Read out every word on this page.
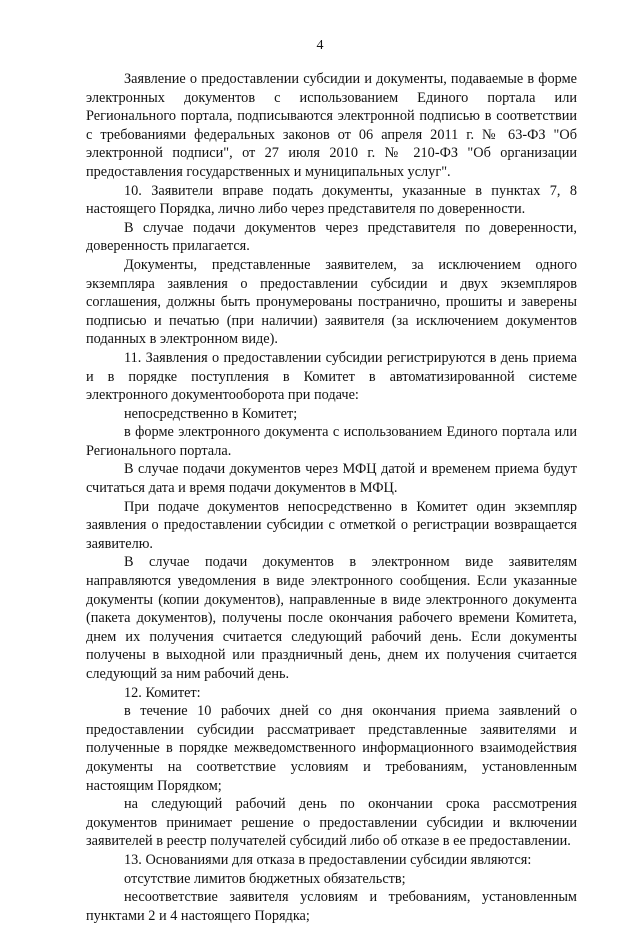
4

Заявление о предоставлении субсидии и документы, подаваемые в форме электронных документов с использованием Единого портала или Регионального портала, подписываются электронной подписью в соответствии с требованиями федеральных законов от 06 апреля 2011 г. № 63-ФЗ "Об электронной подписи", от 27 июля 2010 г. № 210-ФЗ "Об организации предоставления государственных и муниципальных услуг".

10. Заявители вправе подать документы, указанные в пунктах 7, 8 настоящего Порядка, лично либо через представителя по доверенности.

В случае подачи документов через представителя по доверенности, доверенность прилагается.

Документы, представленные заявителем, за исключением одного экземпляра заявления о предоставлении субсидии и двух экземпляров соглашения, должны быть пронумерованы постранично, прошиты и заверены подписью и печатью (при наличии) заявителя (за исключением документов поданных в электронном виде).

11. Заявления о предоставлении субсидии регистрируются в день приема и в порядке поступления в Комитет в автоматизированной системе электронного документооборота при подаче:

непосредственно в Комитет;

в форме электронного документа с использованием Единого портала или Регионального портала.

В случае подачи документов через МФЦ датой и временем приема будут считаться дата и время подачи документов в МФЦ.

При подаче документов непосредственно в Комитет один экземпляр заявления о предоставлении субсидии с отметкой о регистрации возвращается заявителю.

В случае подачи документов в электронном виде заявителям направляются уведомления в виде электронного сообщения. Если указанные документы (копии документов), направленные в виде электронного документа (пакета документов), получены после окончания рабочего времени Комитета, днем их получения считается следующий рабочий день. Если документы получены в выходной или праздничный день, днем их получения считается следующий за ним рабочий день.

12. Комитет:

в течение 10 рабочих дней со дня окончания приема заявлений о предоставлении субсидии рассматривает представленные заявителями и полученные в порядке межведомственного информационного взаимодействия документы на соответствие условиям и требованиям, установленным настоящим Порядком;

на следующий рабочий день по окончании срока рассмотрения документов принимает решение о предоставлении субсидии и включении заявителей в реестр получателей субсидий либо об отказе в ее предоставлении.

13. Основаниями для отказа в предоставлении субсидии являются:

отсутствие лимитов бюджетных обязательств;

несоответствие заявителя условиям и требованиям, установленным пунктами 2 и 4 настоящего Порядка;
